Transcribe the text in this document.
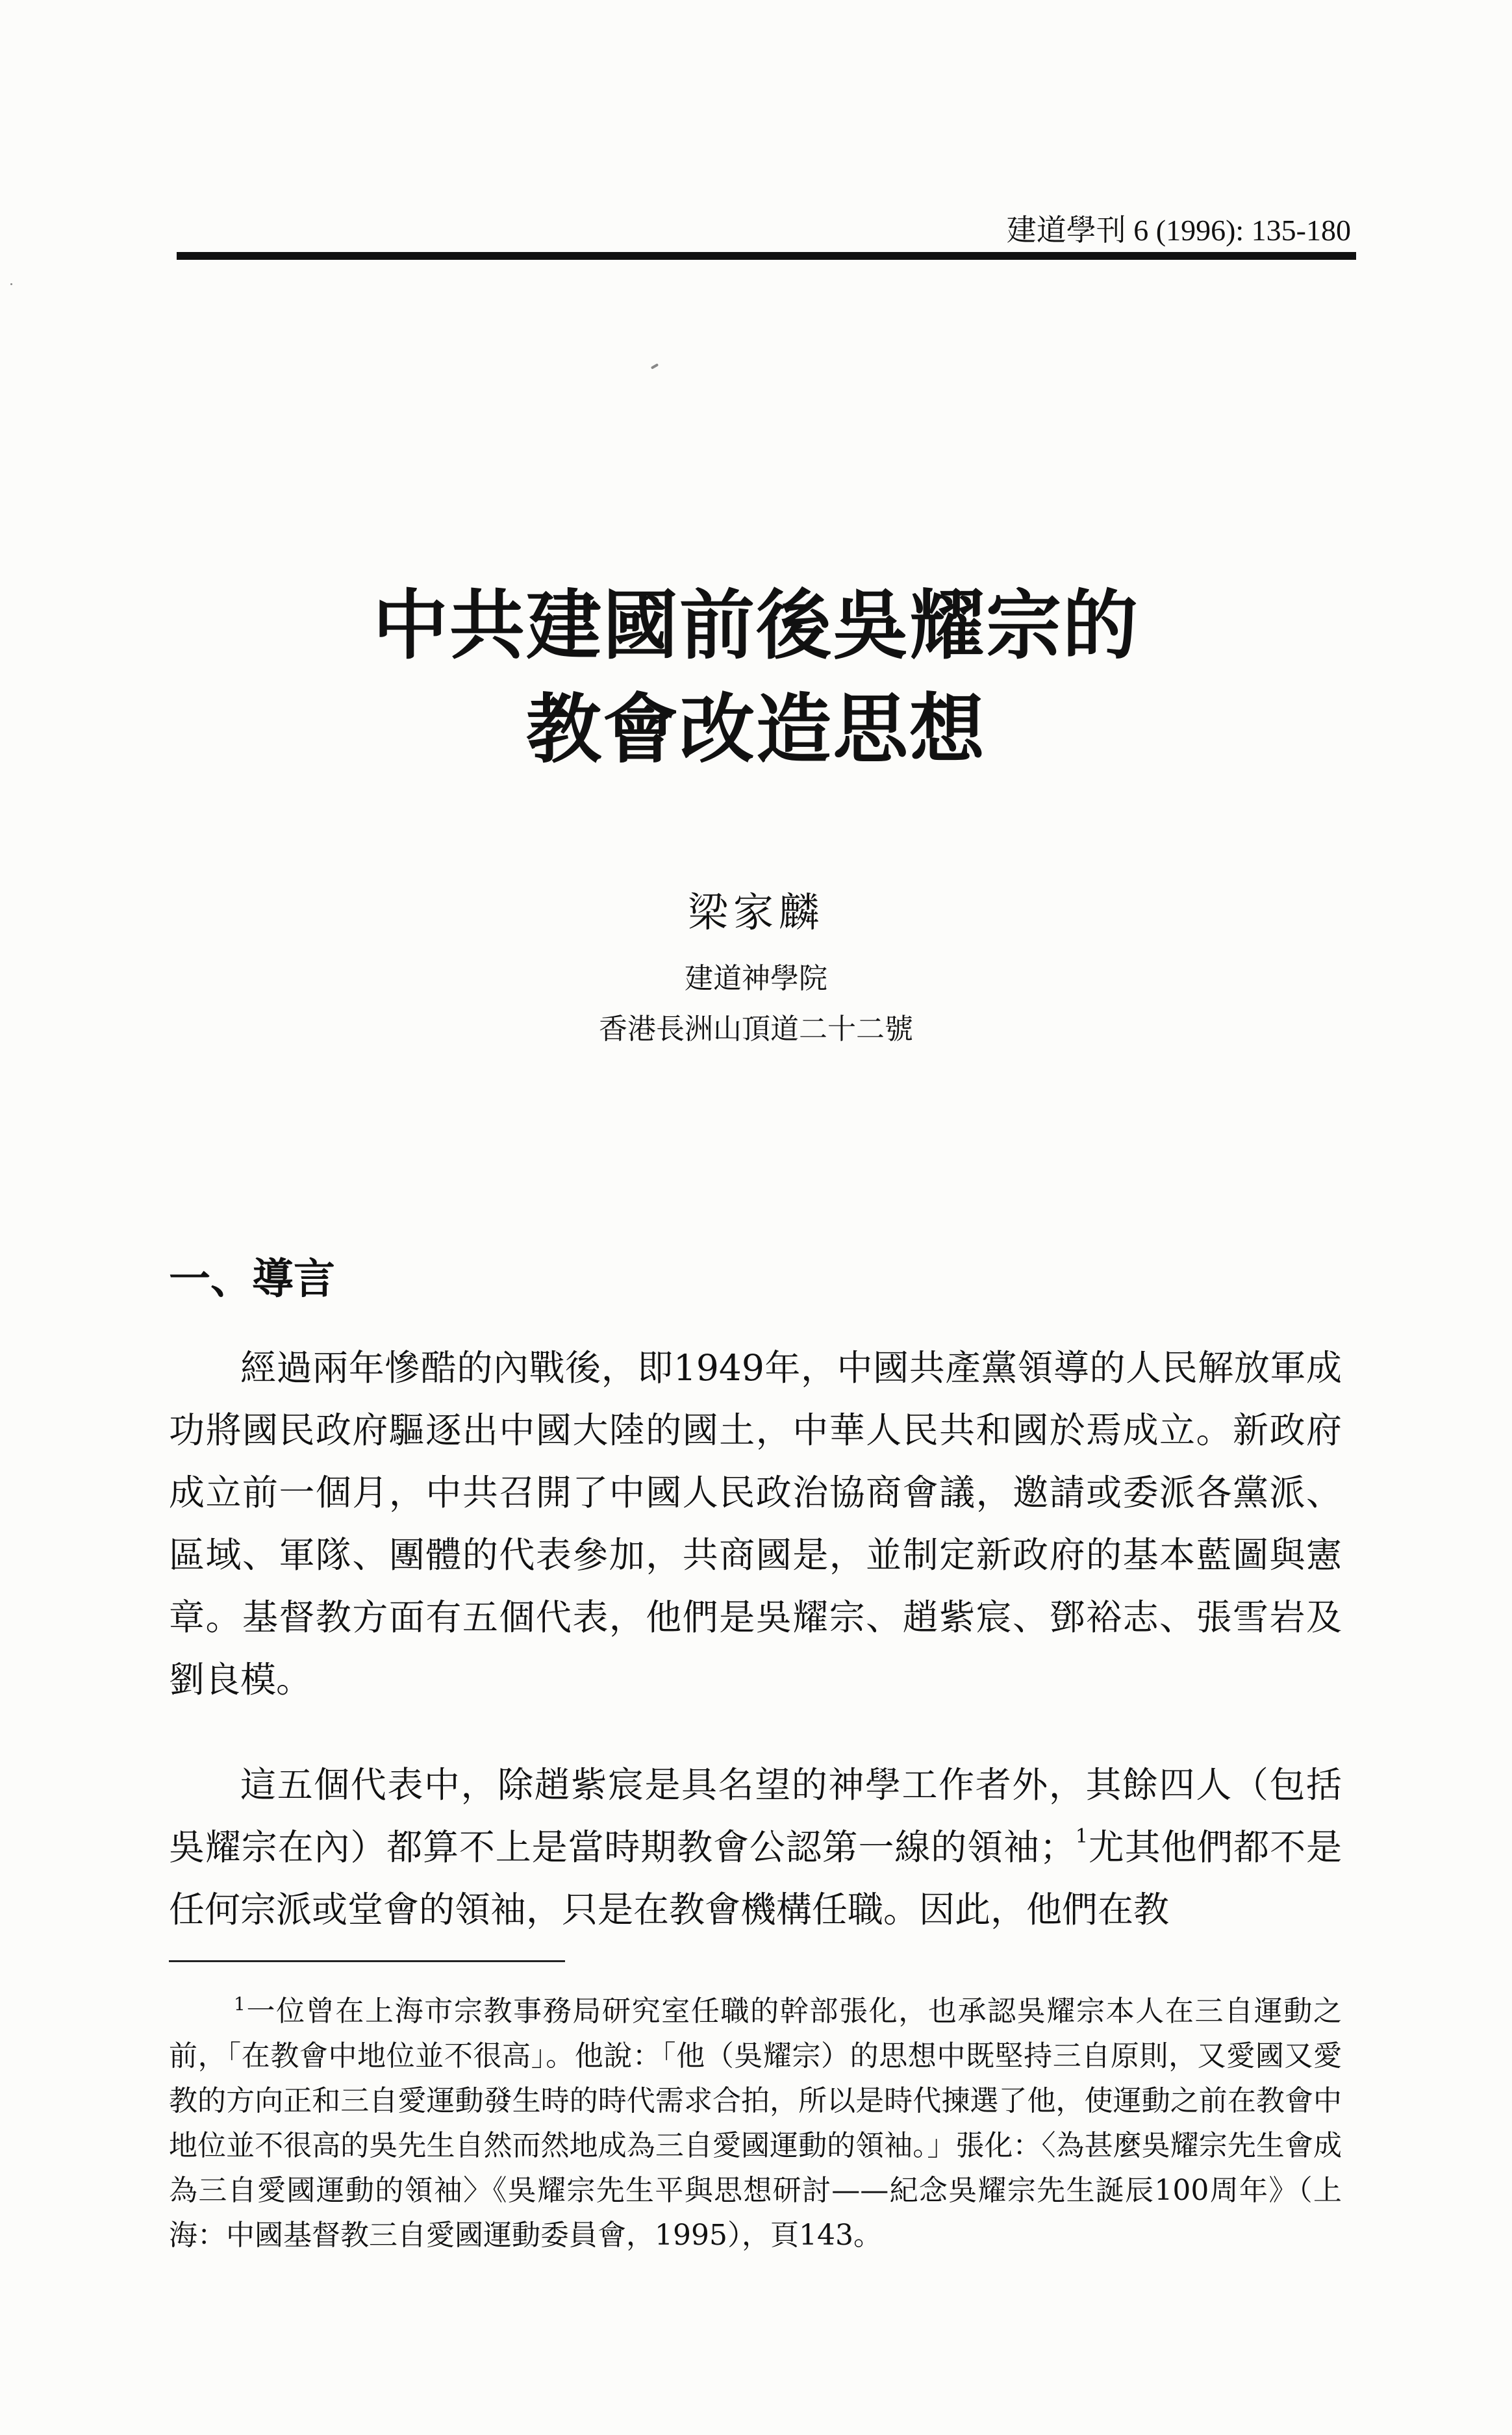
建道學刊 6 (1996): 135-180
中共建國前後吳耀宗的
教會改造思想
梁家麟
建道神學院
香港長洲山頂道二十二號
一、導言

經過兩年慘酷的內戰後，即1949年，中國共產黨領導的人民解放軍成功將國民政府驅逐出中國大陸的國土，中華人民共和國於焉成立。新政府成立前一個月，中共召開了中國人民政治協商會議，邀請或委派各黨派、區域、軍隊、團體的代表參加，共商國是，並制定新政府的基本藍圖與憲章。基督教方面有五個代表，他們是吳耀宗、趙紫宸、鄧裕志、張雪岩及劉良模。

這五個代表中，除趙紫宸是具名望的神學工作者外，其餘四人（包括吳耀宗在內）都算不上是當時期教會公認第一線的領袖；$^1$尤其他們都不是任何宗派或堂會的領袖，只是在教會機構任職。因此，他們在教

$^1$一位曾在上海市宗教事務局研究室任職的幹部張化，也承認吳耀宗本人在三自運動之前，「在教會中地位並不很高」。他說：「他（吳耀宗）的思想中既堅持三自原則，又愛國又愛教的方向正和三自愛運動發生時的時代需求合拍，所以是時代揀選了他，使運動之前在教會中地位並不很高的吳先生自然而然地成為三自愛國運動的領袖。」張化：〈為甚麼吳耀宗先生會成為三自愛國運動的領袖〉《吳耀宗先生平與思想研討——紀念吳耀宗先生誕辰100周年》（上海：中國基督教三自愛國運動委員會，1995），頁143。
